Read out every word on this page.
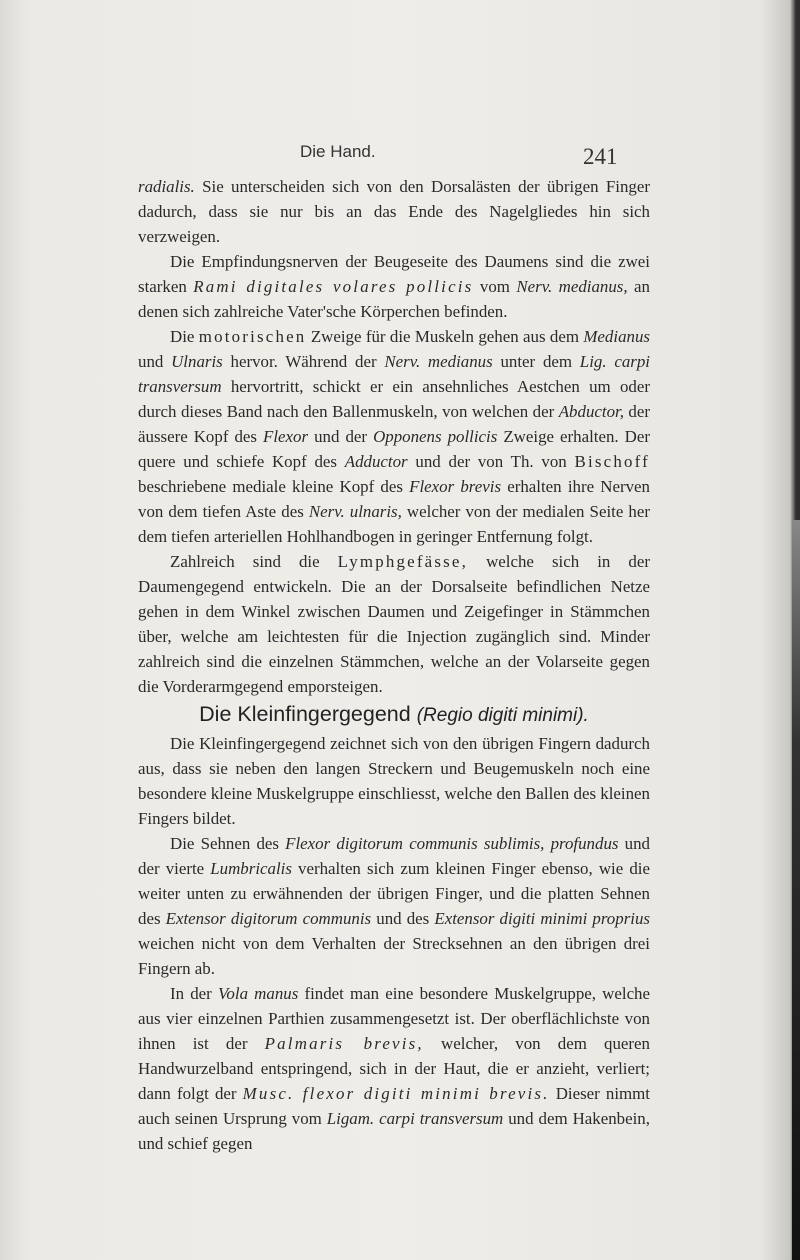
Die Hand.	241

radialis. Sie unterscheiden sich von den Dorsalästen der übrigen Finger dadurch, dass sie nur bis an das Ende des Nagelgliedes hin sich verzweigen.

Die Empfindungsnerven der Beugeseite des Daumens sind die zwei starken Rami digitales volares pollicis vom Nerv. medianus, an denen sich zahlreiche Vater'sche Körperchen befinden.

Die motorischen Zweige für die Muskeln gehen aus dem Medianus und Ulnaris hervor. Während der Nerv. medianus unter dem Lig. carpi transversum hervortritt, schickt er ein ansehnliches Aestchen um oder durch dieses Band nach den Ballenmuskeln, von welchen der Abductor, der äussere Kopf des Flexor und der Opponens pollicis Zweige erhalten. Der quere und schiefe Kopf des Adductor und der von Th. von Bischoff beschriebene mediale kleine Kopf des Flexor brevis erhalten ihre Nerven von dem tiefen Aste des Nerv. ulnaris, welcher von der medialen Seite her dem tiefen arteriellen Hohlhandbogen in geringer Entfernung folgt.

Zahlreich sind die Lymphgefässe, welche sich in der Daumengegend entwickeln. Die an der Dorsalseite befindlichen Netze gehen in dem Winkel zwischen Daumen und Zeigefinger in Stämmchen über, welche am leichtesten für die Injection zugänglich sind. Minder zahlreich sind die einzelnen Stämmchen, welche an der Volarseite gegen die Vorderarmgegend emporsteigen.

Die Kleinfingergegend (Regio digiti minimi).

Die Kleinfingergegend zeichnet sich von den übrigen Fingern dadurch aus, dass sie neben den langen Streckern und Beugemuskeln noch eine besondere kleine Muskelgruppe einschliesst, welche den Ballen des kleinen Fingers bildet.

Die Sehnen des Flexor digitorum communis sublimis, profundus und der vierte Lumbricalis verhalten sich zum kleinen Finger ebenso, wie die weiter unten zu erwähnenden der übrigen Finger, und die platten Sehnen des Extensor digitorum communis und des Extensor digiti minimi proprius weichen nicht von dem Verhalten der Strecksehnen an den übrigen drei Fingern ab.

In der Vola manus findet man eine besondere Muskelgruppe, welche aus vier einzelnen Parthien zusammengesetzt ist. Der oberflächlichste von ihnen ist der Palmaris brevis, welcher, von dem queren Handwurzelband entspringend, sich in der Haut, die er anzieht, verliert; dann folgt der Musc. flexor digiti minimi brevis. Dieser nimmt auch seinen Ursprung vom Ligam. carpi transversum und dem Hakenbein, und schief gegen
